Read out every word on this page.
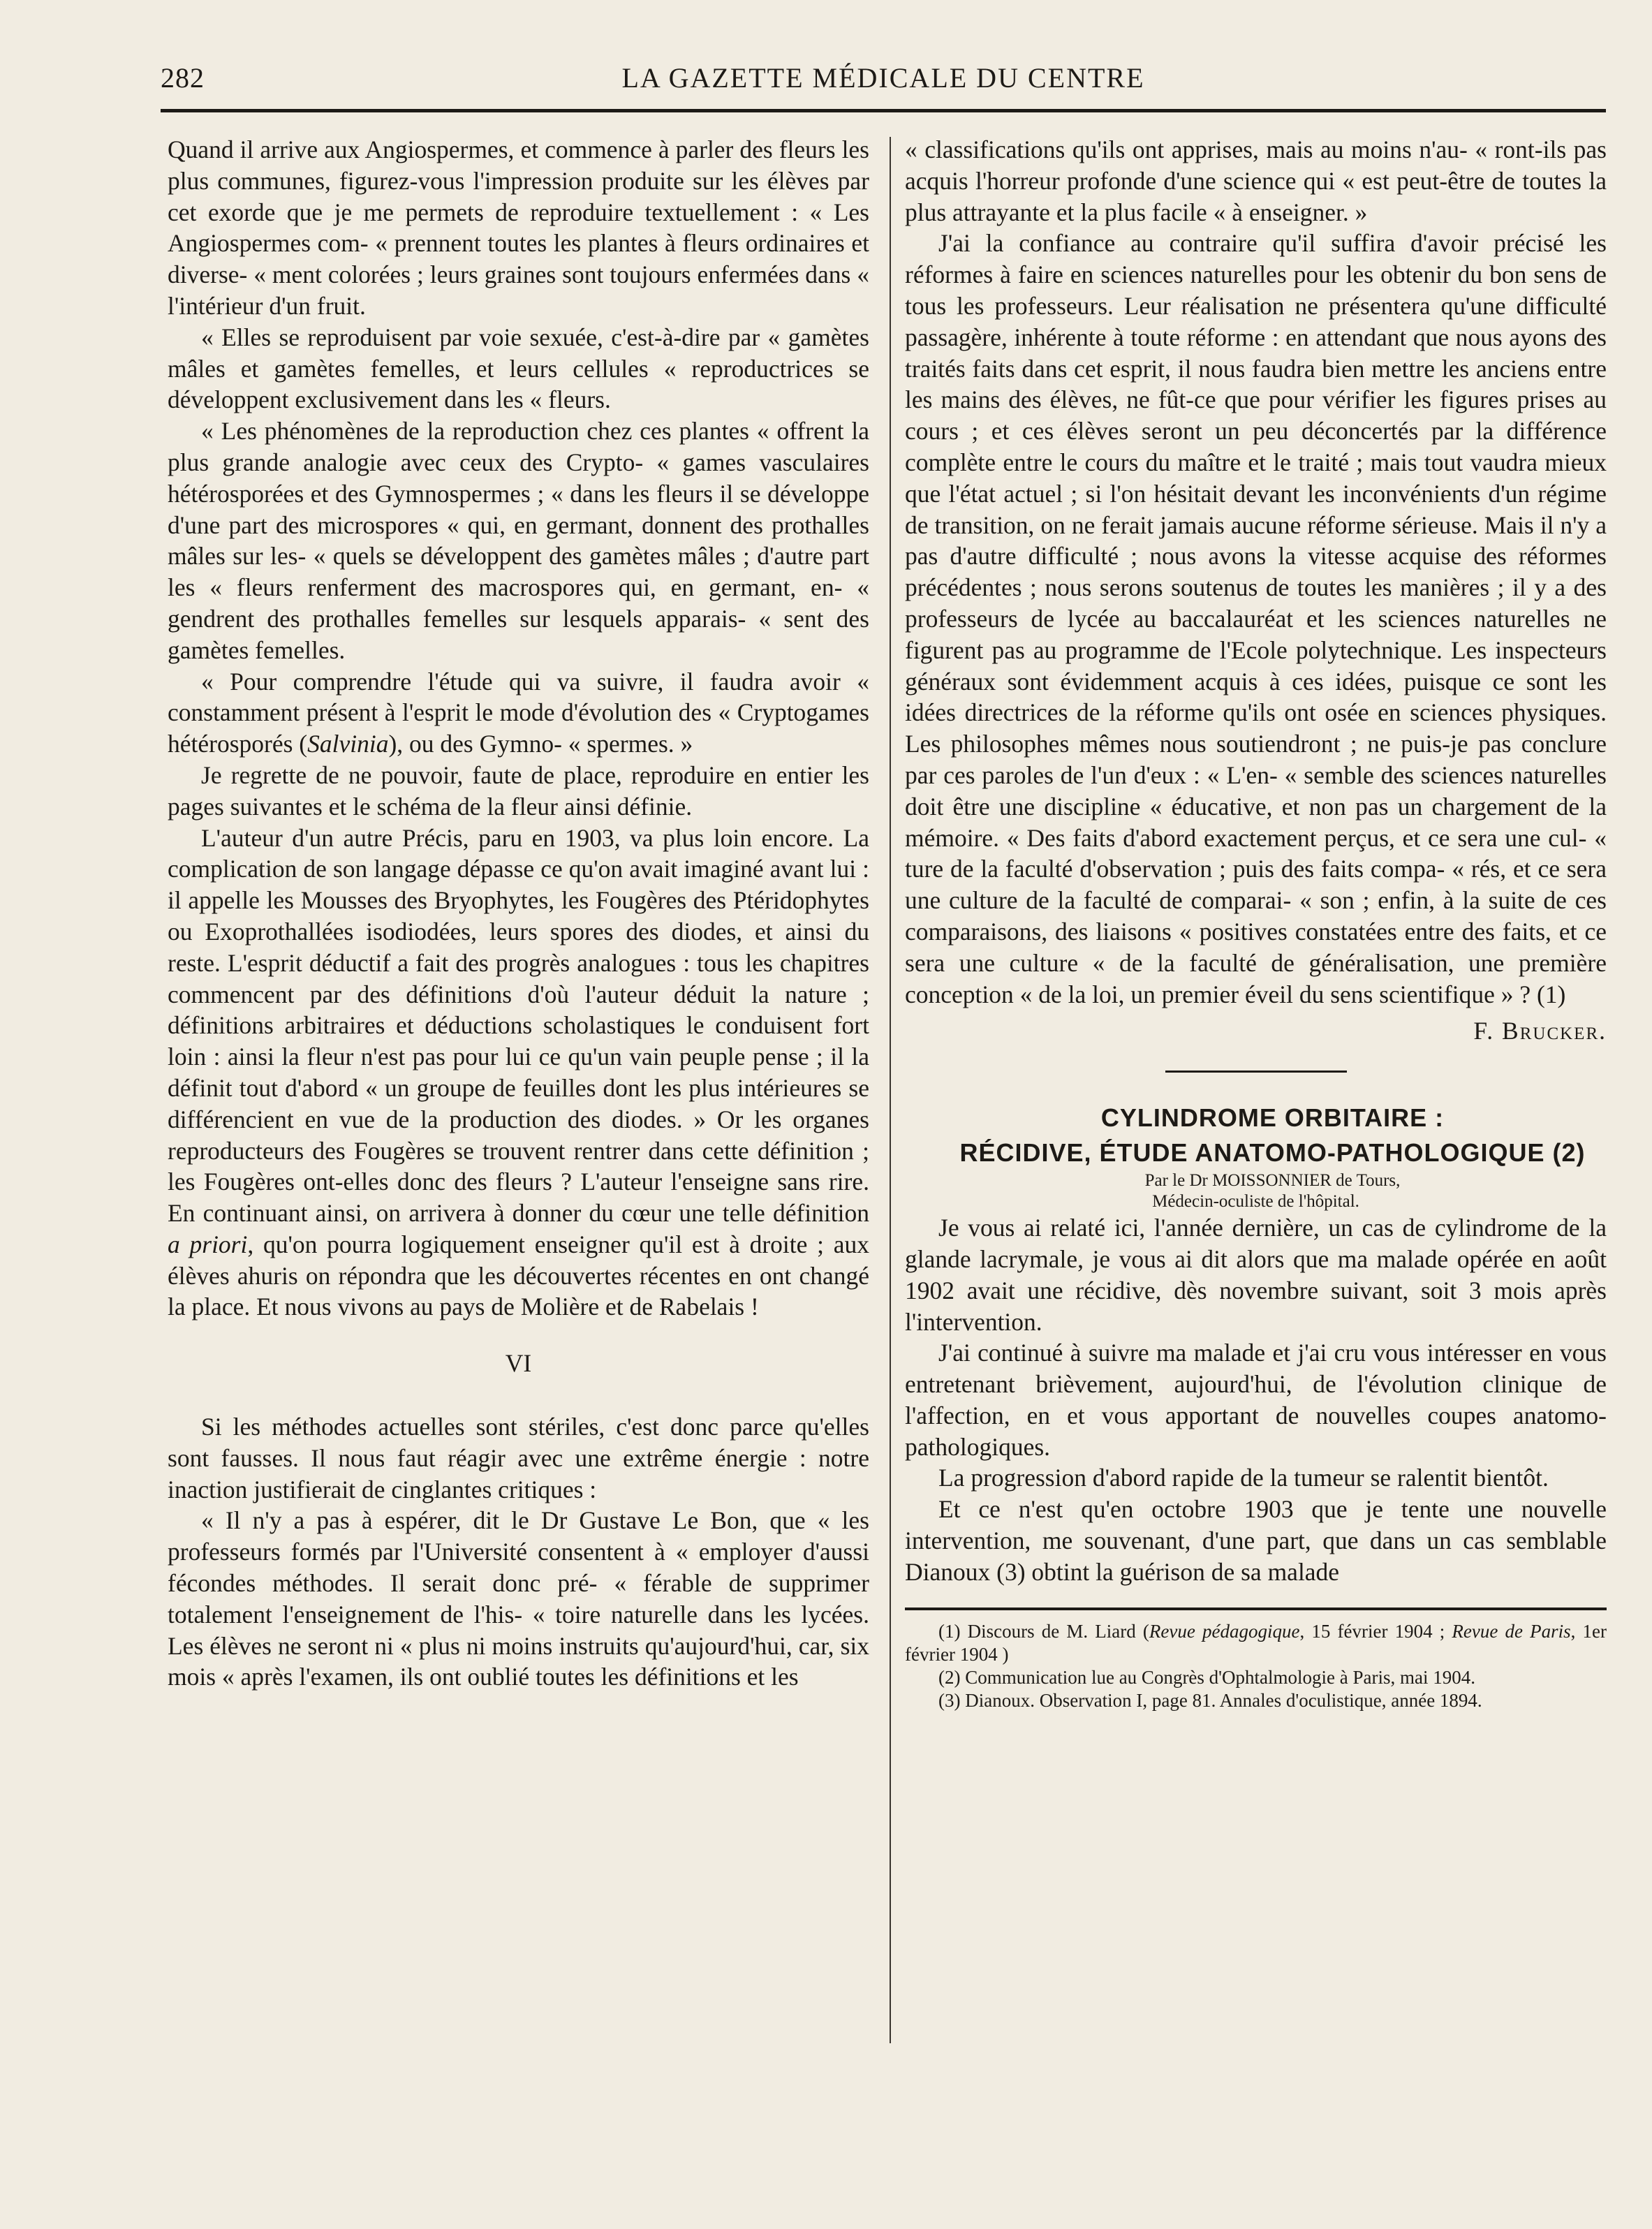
282	LA GAZETTE MÉDICALE DU CENTRE

Quand il arrive aux Angiospermes, et commence à parler des fleurs les plus communes, figurez-vous l'impression produite sur les élèves par cet exorde que je me permets de reproduire textuellement : « Les Angiospermes com- « prennent toutes les plantes à fleurs ordinaires et diverse- « ment colorées ; leurs graines sont toujours enfermées dans « l'intérieur d'un fruit.

« Elles se reproduisent par voie sexuée, c'est-à-dire par « gamètes mâles et gamètes femelles, et leurs cellules « reproductrices se développent exclusivement dans les « fleurs.

« Les phénomènes de la reproduction chez ces plantes « offrent la plus grande analogie avec ceux des Crypto- « games vasculaires hétérosporées et des Gymnospermes ; « dans les fleurs il se développe d'une part des microspores « qui, en germant, donnent des prothalles mâles sur les- « quels se développent des gamètes mâles ; d'autre part les « fleurs renferment des macrospores qui, en germant, en- « gendrent des prothalles femelles sur lesquels apparais- « sent des gamètes femelles.

« Pour comprendre l'étude qui va suivre, il faudra avoir « constamment présent à l'esprit le mode d'évolution des « Cryptogames hétérosporés (Salvinia), ou des Gymno- « spermes. »

Je regrette de ne pouvoir, faute de place, reproduire en entier les pages suivantes et le schéma de la fleur ainsi définie.

L'auteur d'un autre Précis, paru en 1903, va plus loin encore. La complication de son langage dépasse ce qu'on avait imaginé avant lui : il appelle les Mousses des Bryophytes, les Fougères des Ptéridophytes ou Exoprothallées isodiodées, leurs spores des diodes, et ainsi du reste. L'esprit déductif a fait des progrès analogues : tous les chapitres commencent par des définitions d'où l'auteur déduit la nature ; définitions arbitraires et déductions scholastiques le conduisent fort loin : ainsi la fleur n'est pas pour lui ce qu'un vain peuple pense ; il la définit tout d'abord « un groupe de feuilles dont les plus intérieures se différencient en vue de la production des diodes. » Or les organes reproducteurs des Fougères se trouvent rentrer dans cette définition ; les Fougères ont-elles donc des fleurs ? L'auteur l'enseigne sans rire. En continuant ainsi, on arrivera à donner du cœur une telle définition a priori, qu'on pourra logiquement enseigner qu'il est à droite ; aux élèves ahuris on répondra que les découvertes récentes en ont changé la place. Et nous vivons au pays de Molière et de Rabelais !

VI

Si les méthodes actuelles sont stériles, c'est donc parce qu'elles sont fausses. Il nous faut réagir avec une extrême énergie : notre inaction justifierait de cinglantes critiques :

« Il n'y a pas à espérer, dit le Dr Gustave Le Bon, que « les professeurs formés par l'Université consentent à « employer d'aussi fécondes méthodes. Il serait donc pré- « férable de supprimer totalement l'enseignement de l'his- « toire naturelle dans les lycées. Les élèves ne seront ni « plus ni moins instruits qu'aujourd'hui, car, six mois « après l'examen, ils ont oublié toutes les définitions et les

« classifications qu'ils ont apprises, mais au moins n'au- « ront-ils pas acquis l'horreur profonde d'une science qui « est peut-être de toutes la plus attrayante et la plus facile « à enseigner. »

J'ai la confiance au contraire qu'il suffira d'avoir précisé les réformes à faire en sciences naturelles pour les obtenir du bon sens de tous les professeurs. Leur réalisation ne présentera qu'une difficulté passagère, inhérente à toute réforme : en attendant que nous ayons des traités faits dans cet esprit, il nous faudra bien mettre les anciens entre les mains des élèves, ne fût-ce que pour vérifier les figures prises au cours ; et ces élèves seront un peu déconcertés par la différence complète entre le cours du maître et le traité ; mais tout vaudra mieux que l'état actuel ; si l'on hésitait devant les inconvénients d'un régime de transition, on ne ferait jamais aucune réforme sérieuse. Mais il n'y a pas d'autre difficulté ; nous avons la vitesse acquise des réformes précédentes ; nous serons soutenus de toutes les manières ; il y a des professeurs de lycée au baccalauréat et les sciences naturelles ne figurent pas au programme de l'Ecole polytechnique. Les inspecteurs généraux sont évidemment acquis à ces idées, puisque ce sont les idées directrices de la réforme qu'ils ont osée en sciences physiques. Les philosophes mêmes nous soutiendront ; ne puis-je pas conclure par ces paroles de l'un d'eux : « L'en- « semble des sciences naturelles doit être une discipline « éducative, et non pas un chargement de la mémoire. « Des faits d'abord exactement perçus, et ce sera une cul- « ture de la faculté d'observation ; puis des faits compa- « rés, et ce sera une culture de la faculté de comparai- « son ; enfin, à la suite de ces comparaisons, des liaisons « positives constatées entre des faits, et ce sera une culture « de la faculté de généralisation, une première conception « de la loi, un premier éveil du sens scientifique » ? (1)

F. Brucker.

CYLINDROME ORBITAIRE :

RÉCIDIVE, ÉTUDE ANATOMO-PATHOLOGIQUE (2)

Par le Dr MOISSONNIER de Tours,
Médecin-oculiste de l'hôpital.

Je vous ai relaté ici, l'année dernière, un cas de cylindrome de la glande lacrymale, je vous ai dit alors que ma malade opérée en août 1902 avait une récidive, dès novembre suivant, soit 3 mois après l'intervention.

J'ai continué à suivre ma malade et j'ai cru vous intéresser en vous entretenant brièvement, aujourd'hui, de l'évolution clinique de l'affection, en et vous apportant de nouvelles coupes anatomo-pathologiques.

La progression d'abord rapide de la tumeur se ralentit bientôt.

Et ce n'est qu'en octobre 1903 que je tente une nouvelle intervention, me souvenant, d'une part, que dans un cas semblable Dianoux (3) obtint la guérison de sa malade

(1) Discours de M. Liard (Revue pédagogique, 15 février 1904 ; Revue de Paris, 1er février 1904 )

(2) Communication lue au Congrès d'Ophtalmologie à Paris, mai 1904.

(3) Dianoux. Observation I, page 81. Annales d'oculistique, année 1894.
